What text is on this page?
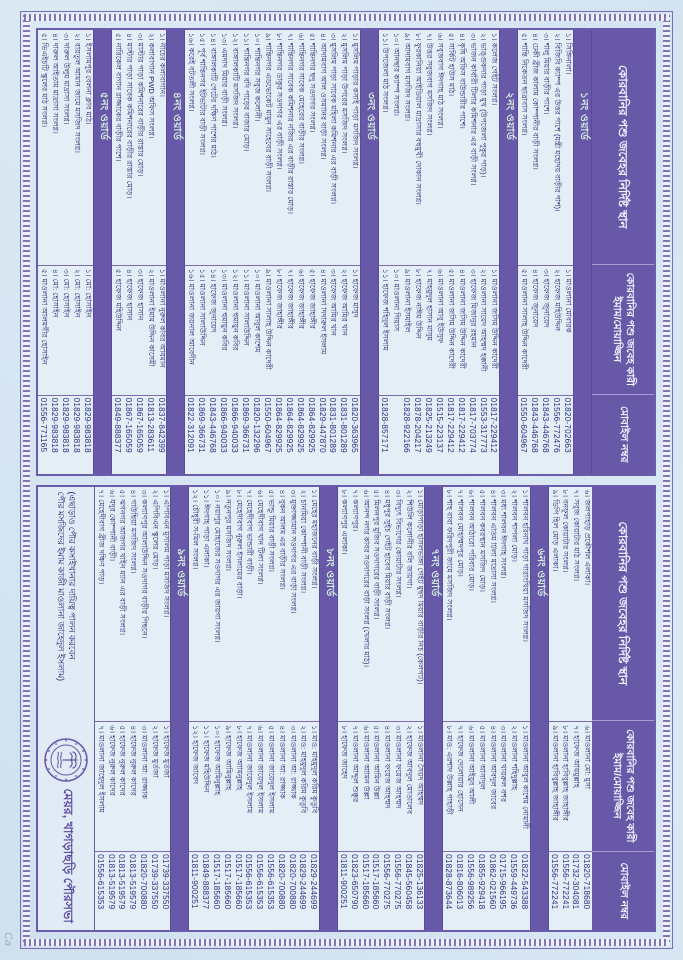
কোরবানির পশু জবেহর নির্দিষ্ট স্থান
কোরবানির পশু জবেহ কারী ইমাম/মোয়াজ্জিন
মোবাইল নম্বর
১নং ওয়ার্ড
১। সিঙ্গিনালা।
১। মাওলানা মোবারক
01820-702663
২। বিজিবি ক্যাম্প এর উত্তর পাশে (মন্ত্রী মহোদয় বাড়ীর পাশ)।
২। হাফেজ মহিউদ্দিন
01556-772476
৩। শালু মিয়ার বাড়ীর পাশে।
৩। হাফেজ জুনায়েদ
01843-446768
৪। ঢেকী ব্রীজ কালাম কোম্পানীর বাড়ী সংলগ্ন।
৪। হাফেজ জুনায়েদ
01843-446768
৫। শান্তি নিকেতন ছাত্রাবাস সংলগ্ন।
৫। মাওলানা সালাহ উদ্দিন কাদেরী
01550-604967
২নং ওয়ার্ড
১। কলেজ গেইট সংলগ্ন।
১। মাওলানা জসিম উদ্দিন কাদেরী
01817-229412
২। ভাঙ্গুকদার পাড়া মুখ (উপজেলা পুকুর পাড়)।
২। মাওলানা সায়েদ আহম্মদ হক্কানী
01553-317773
৩। ভাজন কার্বারী টিলার কমিশনার এর বাড়ী সংলগ্ন।
৩। হাফেজ মিজানুর রহমান
01817-703774
৪। কৃষি অফিস বাউন্ডারীর পাশে।
৪। মাওলানা জসিম উদ্দিন কাদেরী
01817-229412
৫। সার্কিট হাউস মাঠ।
৫। মাওলানা জসিম উদ্দিন কাদেরী
01817-229412
৬। সবুজবাগ ঈদগাহ মাঠ সংলগ্ন।
৬। মাওলানা আবু ইউসুফ
01515-223137
৭। উত্তর সবুজবাগ মসজিদ সংলগ্ন।
৭। মাহমুদুল হাসান মাসুম
01825-213249
৮। ফুরকানিয়া আইডিয়াল মাদ্রাসার বহুমুখী দোকান সংলগ্ন।
৮। হাফেজ নাঈম উদ্দিন
01878-204217
৯। আদামবাগ মসজিদ সংলগ্ন।
৯। মাওলানা ইসমাইল
01828-922166
১০। আনছার ক্যাম্প সংলগ্ন।
১০। মাওলানা গিয়াস
১১। উপজেলা মাঠ সংলগ্ন।
১১। হাফেজ শহিদুল ইসলাম
01828-857171
৩নং ওয়ার্ড
১। মুসলিম পাড়ার কসাই পাড়া মসজিদ সংলগ্ন।
১। হাফেজ মাসুদ
01820-363965
২। মুসলিম পাড়া উপরের মসজিদ সংলগ্ন।
২। হাফেজ আমির খান
01831-801289
৩। মুসলিম পাড়া সাবেক মহিলা কমিশনার এর বাড়ী সংলগ্ন।
৩। হাফেজ আমির খান
01831-801289
৪। আদামবাগ আল ওসমানির বাড়ী সংলগ্ন।
৪। মাওলানা দিদারুল ইসলাম
01829-447870
৫। শান্তিনগর ছদু সওদাগর সংলগ্ন।
৫। হাফেজ জাহাঙ্গীর
01864-829925
৬। শান্তিনগর সাবেক মেহেরের বাড়ীর সংলগ্ন।
৬। হাফেজ জাহাঙ্গীর
01864-829925
৭। শান্তিনগর সাবেক কমিশনার নজির এর বাড়ীর রাস্তার মোড়।
৭। হাফেজ জাহাঙ্গীর
01864-829925
৮। শান্তিনগর ডাকুর সওদাগর এর বাড়ী সংলগ্ন।
৮। হাফেজ জাহাঙ্গীর
01864-829925
৯। শান্তিনগর এডভোকেট মামুন সাহেবের বাড়ী সংলগ্ন।
৯। মাওলানা সালাহ উদ্দিন কাদেরী
01550-604967
১০। শান্তিনগর সবুজ কলোনী।
১০। মাওলানা আবুল কাশেম
01820-132296
১১। শান্তিনগর বদি পাড়ের বাজার মোড়।
১১। মাওলানা সালাউদ্দিন
01869-366731
১২। বাঙ্গালকাটি মসজিদ সংলগ্ন।
১২। মাওলানা হুমায়ুন কবির
01866-940033
১৩। এমদাদ মিয়ার বাড়ী সংলগ্ন।
১৩। মাওলানা হুমায়ুন কবির
01866-940033
১৪। বাঙ্গালকাটি গেটের দক্ষিণ পাশের মাঠ।
১৪। হাফেজ জুনায়েদ
01843-446768
১৫। পূর্ব শান্তিনগর ইটভাটার বাড়ী সংলগ্ন।
১৫। মাওলানা সালাউদ্দিন
01869-366731
১৬। করেই বটতলী সংলগ্ন।
১৬। মাওলানা জয়নাল আবেদীন
01822-312091
৪নং ওয়ার্ড
১। নীচের কলাবাগান।
১। মাওলানা নুরুল কবির আযমান
01837-842399
২। কলাবাগান PWD অফিস সংলগ্ন।
২। মাওলানা ইমাম উদ্দিন কাসেমী
01813-283611
৩। মাস্টার পাড়া কমিশনারের বাড়ীর রাস্তার মোড়।
৩। হাফেজ হাসান
01867-165059
৪। মাস্টার পাড়া সাবেক কমিশনারের বাড়ীর রাস্তার মোড়।
৪। হাফেজ হাসান
01867-165059
৫। নারিকেল বাগান রাজ্জাকের বাড়ীর পাশে।
৫। হাফেজ মহিউদ্দিন
01849-888377
৫নং ওয়ার্ড
১। ইসলামপুর বেলনা ক্লাব মাঠ।
১। মো: হোসাইন
01829-983818
২। বায়তুল আমান জামে মসজিদ সংলগ্ন।
২। মো: হোসাইন
01829-983818
৩। দারুল উলুম মাদ্রাসা সংলগ্ন।
৩। মো: হোসাইন
01829-983818
৪। দারুল আইতাম মাদ্রাসা সংলগ্ন।
৪। মো: হোসাইন
01829-983818
৫। ভিএইচটি স্কুলের মাঠ সংলগ্ন।
৫। মাওলানা আলমগীর হোসাইন
01556-771165
কোরবানির পশু জবেহর নির্দিষ্ট স্থান
কোরবানির পশু জবেহ কারী ইমাম/মোয়াজ্জিন
মোবাইল নম্বর
৬। জলপাহাড় প্রকৌশল এলাকা।
৬। মাওলানা মো: মুসা
01820-718680
৭। সবুজ কোয়াটার মাঠ সংলগ্ন।
৭। হাফেজ আযমুল্লাহ
01732-304081
৮। বনফুল কোয়াটার সংলগ্ন।
৮। মাওলানা হাবিবুল্লাহ জাহাঙ্গীর
01556-772241
৯। ডিপি হিল মোড় এলাকা।
৯। মাওলানা হাবিবুল্লাহ জাহাঙ্গীর
01556-772241
৬নং ওয়ার্ড
১। শালবন হরিনাথ পাড়া গারাংখিয়া মসজিদ সংলগ্ন।
১। মাওলানা আবুল কাশেম নোমানী
01822-543388
২। শালবন শাপলা মোড়।
২। মাওলানা শহিদুল্লাহ
01559-449736
৩। মধ্য শালবন ঈদগাহ সংলগ্ন।
৩। মাওলানা খায়রুল বশর
01715-966195
৪। শালবন এতিম টিলা মাদ্রাসা সংলগ্ন।
৪। মাওলানা আবদুল জাবের
01862-021560
৫। শালবন কবরস্থান মসজিদ মোড়।
৫। মাওলানা আসাদুল
01855-929418
৬। শালবন আঠারো পরিবার মোড়।
৬। মাওলানা আইয়ুব আলী
01556-989256
৭। শালবন মোহাম্মদপুর মোড়।
৭। হাফেজ দেলোয়ার হোসেন
01816-806013
৮। শাহ বাবা ফরিদপুরী জামে মসজিদ সংলগ্ন।
৮। মাও: এরশাদ উল্লাহ পাহাড়ী
01828-873644
৭নং ওয়ার্ড
১। মোড়াপাড়া হাসলভাঙ্গা গেইট মুছদ মিয়ার বাড়ীর নিচ (কেলগ্যা)।
১। মাওলানা সৈয়দ আহম্মদ
01825-136133
২। শিউলি কলোনীর বলি জায়গা।
২। হাফেজ আবদুল মোতালেব
01845-560458
৩। বিদ্যুৎ বিভাগের কোয়াটার সংলগ্ন।
৩। মাওলানা ফয়েজ আহম্মদ
01556-770275
৪। মধুপুর সুইচ গেইট হাবেব মিয়ার বাড়ী সংলগ্ন।
৪। মাওলানা ফয়েজ আহম্মদ
01556-770275
৫। মিলনপুর মুজিব সওদাগরের বাড়ী সংলগ্ন।
৫। মাওলানা আমিন উল্লা
01517-185660
৬। আনন্দ নগর কবির সওদাগরের বাড়ী সংলগ্ন (খেলার মাঠ)।
৬। মাওলানা আমিন উল্লা
01517-185660
৭। কল্যাণপুর।
৭। মাওলানা আব্দুল শুক্কুর
01823-650790
৮। কল্যাণপুর এলাকা।
৮। হাফেজ জাহেদ
01811-900251
৮নং ওয়ার্ড
১। মেহের মহাজনের বাড়ী সংলগ্ন।
১। মাও: মাহমুদুল করিম কুতুবি
01829-244699
২। চানমিয়া কোম্পানী বাড়ী সংলগ্ন।
২। মাও: মাহমুদুল করিম কুতুবি
01829-244699
৩। মুক্তাজ্জামান সওদাগর এর বাড়ী সংলগ্ন।
৩। মাওলানা আ: রাজ্জাক
01820-700880
৪। বুকন আলম এর বাড়ীর সংলগ্ন।
৪। মাওলানা আ: রাজ্জাক
01820-700880
৫। ভান্ডু মিয়ার বাড়ী সংলগ্ন।
৫। মাওলানা জায়েদুল ইসলাম
01556-615353
৬। মেহেদীবাগ খান টিলা সংলগ্ন।
৬। মাওলানা জায়েদুল ইসলাম
01556-615353
৭। মেহেদীবাগ ভান্ডারী বাড়ী।
৭। মাওলানা জায়েদুল ইসলাম
01556-615353
৮। মেহেদীবাগ নুরুল ইসলামের বাড়ী।
৮। হাফেজ আমিনুল্লাহ
01517-185660
৯। নতুনপুর মসজিদ সংলগ্ন।
৯। হাফেজ আমিনুল্লাহ
01517-185660
১০। নয়াপুর মোহাজের সওদাগর এর জায়গা সংলগ্ন।
১০। হাফেজ আমিনুল্লাহ
01517-185660
১১। ঈদগাহ পাড়া এলাকা।
১১। হাফেজ মহিউদ্দিন
01849-888377
১২। চৌধুরী স-মিল সংলগ্ন।
১২। হাফেজ জাবেদ
01811-900251
৯নং ওয়ার্ড
১। এপিবিএন মুসলিম পাড়া মসজিদ সংলগ্ন।
১। হাফেজ মুর্তজা
01739-337550
২। এপিবিএন স্কুলের মোড়।
২। হাফেজ মুর্তজা
01739-337550
৩। কল্যাণপুর আলাউদ্দিন সওদাগর বাড়ীর পিছনে।
৩। মাওলানা আ: রাজ্জাক
01820-700880
৪। গাউছিয়া মসজিদ সংলগ্ন।
৪। হাফেজ নুরুল কাদের
01813-519579
৫। ঝগনগর আজগর খাইন ম্যান এর বাড়ী সংলগ্ন।
৫। হাফেজ নুরুল কাদের
01813-519579
৬। যদুর কোম্পানী বাড়ী।
৬। হাফেজ নুরুল কাদের
01813-519579
৭। মেহেদীবাগ ব্রীজ দক্ষিণ পাড়।
৭। মাওলানা জাহেদুল ইসলাম
01556-615353
(এছাড়াও পৌর কসাইখানার দায়িত্ব পালন করবেন
পৌর মসজিদের ইমাম কাজী মাওলানা জাহেদুল ইসলাম)
মেয়র, খাগড়াছড়ি পৌরসভা
Ca
